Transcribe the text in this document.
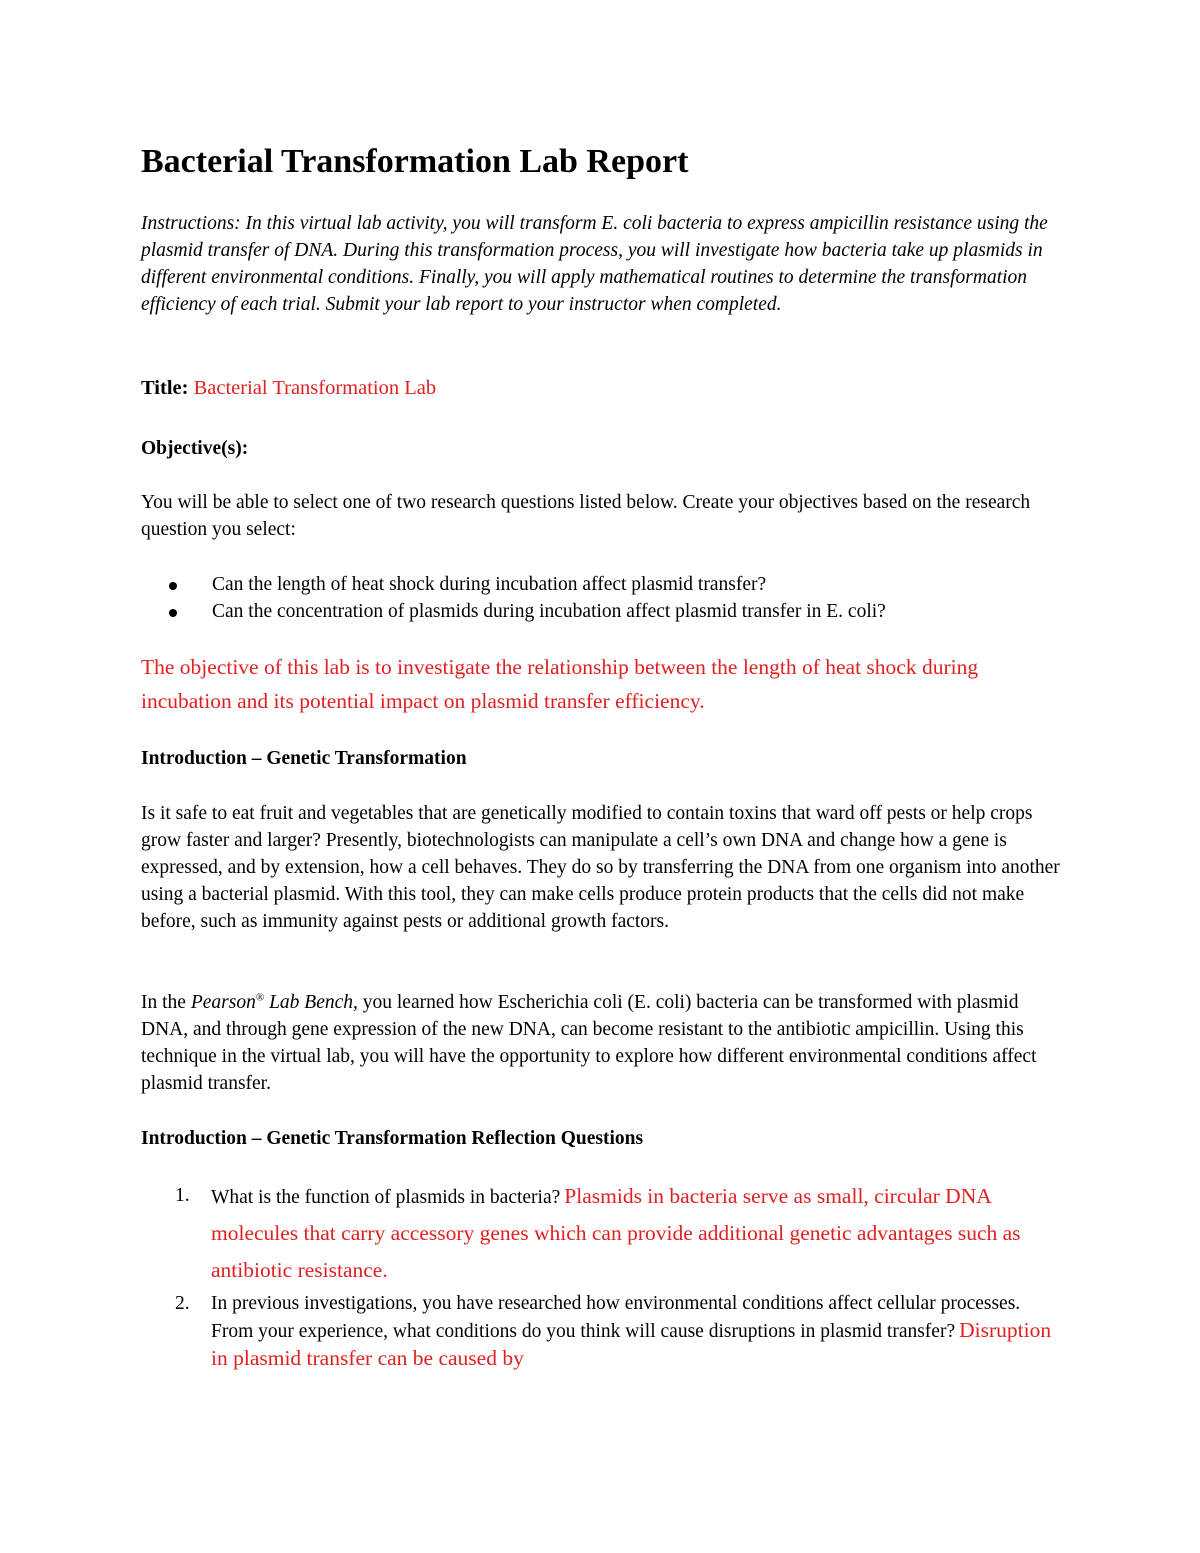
Bacterial Transformation Lab Report

Instructions: In this virtual lab activity, you will transform E. coli bacteria to express ampicillin resistance using the plasmid transfer of DNA. During this transformation process, you will investigate how bacteria take up plasmids in different environmental conditions. Finally, you will apply mathematical routines to determine the transformation efficiency of each trial. Submit your lab report to your instructor when completed.

Title: Bacterial Transformation Lab

Objective(s):

You will be able to select one of two research questions listed below. Create your objectives based on the research question you select:

Can the length of heat shock during incubation affect plasmid transfer?
Can the concentration of plasmids during incubation affect plasmid transfer in E. coli?

The objective of this lab is to investigate the relationship between the length of heat shock during incubation and its potential impact on plasmid transfer efficiency.

Introduction – Genetic Transformation

Is it safe to eat fruit and vegetables that are genetically modified to contain toxins that ward off pests or help crops grow faster and larger? Presently, biotechnologists can manipulate a cell’s own DNA and change how a gene is expressed, and by extension, how a cell behaves. They do so by transferring the DNA from one organism into another using a bacterial plasmid. With this tool, they can make cells produce protein products that the cells did not make before, such as immunity against pests or additional growth factors.

In the Pearson® Lab Bench, you learned how Escherichia coli (E. coli) bacteria can be transformed with plasmid DNA, and through gene expression of the new DNA, can become resistant to the antibiotic ampicillin. Using this technique in the virtual lab, you will have the opportunity to explore how different environmental conditions affect plasmid transfer.

Introduction – Genetic Transformation Reflection Questions

1. What is the function of plasmids in bacteria? Plasmids in bacteria serve as small, circular DNA molecules that carry accessory genes which can provide additional genetic advantages such as antibiotic resistance.
2. In previous investigations, you have researched how environmental conditions affect cellular processes. From your experience, what conditions do you think will cause disruptions in plasmid transfer? Disruption in plasmid transfer can be caused by
